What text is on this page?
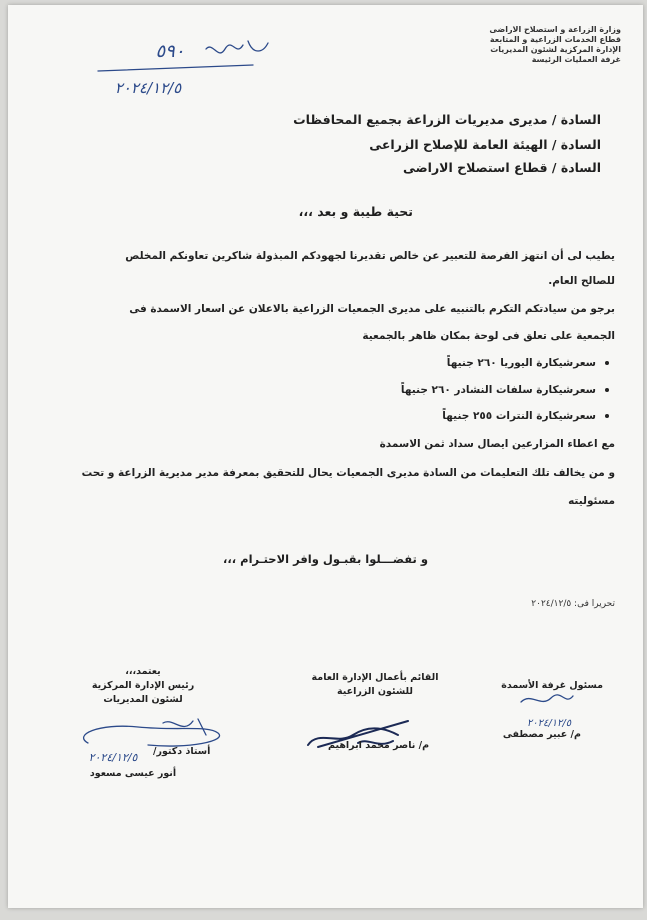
وزارة الزراعة و استصلاح الاراضى
قطاع الخدمات الزراعية و المتابعة
الإدارة المركزية لشئون المديريات
غرفة العمليات الرئيسة
٥٩٠
٢٠٢٤/١٢/٥
السادة / مديرى مديريات الزراعة بجميع المحافظات
السادة / الهيئة العامة للإصلاح الزراعى
السادة / قطاع استصلاح الاراضى
تحية طيبة و بعد ،،،
يطيب لى أن انتهز الفرصة للتعبير عن خالص تقديرنا لجهودكم المبذولة شاكرين تعاونكم المخلص
للصالح العام.
برجو من سيادتكم التكرم بالتنبيه على مديرى الجمعيات الزراعية بالاعلان عن اسعار الاسمدة فى
الجمعية على تعلق فى لوحة بمكان ظاهر بالجمعية
سعرشيكارة اليوريا ٢٦٠ جنيهاً
سعرشيكارة سلفات النشادر ٢٦٠ جنيهاً
سعرشيكارة النترات ٢٥٥ جنيهاً
مع اعطاء المزارعين ايصال سداد ثمن الاسمدة
و من يخالف تلك التعليمات من السادة مديرى الجمعيات يحال للتحقيق بمعرفة مدير مديرية الزراعة و تحت
مسئوليته
و تفضـــلوا بقبـول وافر الاحتـرام ،،،
تحريرا فى: ٢٠٢٤/١٢/٥
يعتمد،،،
رئيس الإدارة المركزية
لشئون المديريات
٢٠٢٤/١٢/٥ أستاذ دكتور/
أنور عيسى مسعود
القائم بأعمال الإدارة العامة
للشئون الزراعية
م/ ناصر محمد ابراهيم
مسئول غرفة الأسمدة
٢٠٢٤/١٢/٥
م/ عبير مصطفى
